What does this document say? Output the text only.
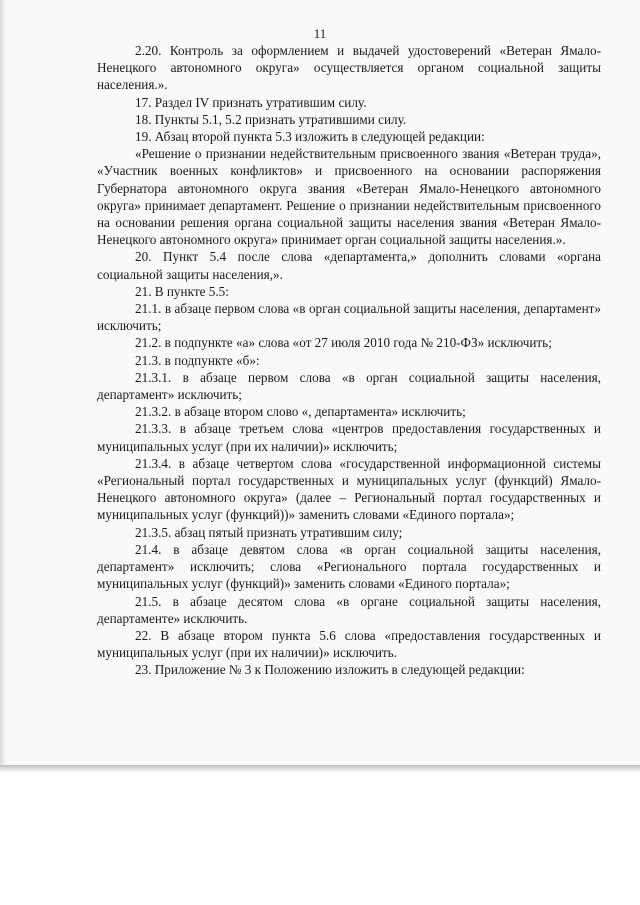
11

2.20. Контроль за оформлением и выдачей удостоверений «Ветеран Ямало-Ненецкого автономного округа» осуществляется органом социальной защиты населения.».

17. Раздел IV признать утратившим силу.

18. Пункты 5.1, 5.2 признать утратившими силу.

19. Абзац второй пункта 5.3 изложить в следующей редакции:

«Решение о признании недействительным присвоенного звания «Ветеран труда», «Участник военных конфликтов» и присвоенного на основании распоряжения Губернатора автономного округа звания «Ветеран Ямало-Ненецкого автономного округа» принимает департамент. Решение о признании недействительным присвоенного на основании решения органа социальной защиты населения звания «Ветеран Ямало-Ненецкого автономного округа» принимает орган социальной защиты населения.».

20. Пункт 5.4 после слова «департамента,» дополнить словами «органа социальной защиты населения,».

21. В пункте 5.5:

21.1. в абзаце первом слова «в орган социальной защиты населения, департамент» исключить;

21.2. в подпункте «а» слова «от 27 июля 2010 года № 210-ФЗ» исключить;

21.3. в подпункте «б»:

21.3.1. в абзаце первом слова «в орган социальной защиты населения, департамент» исключить;

21.3.2. в абзаце втором слово «, департамента» исключить;

21.3.3. в абзаце третьем слова «центров предоставления государственных и муниципальных услуг (при их наличии)» исключить;

21.3.4. в абзаце четвертом слова «государственной информационной системы «Региональный портал государственных и муниципальных услуг (функций) Ямало-Ненецкого автономного округа» (далее – Региональный портал государственных и муниципальных услуг (функций))» заменить словами «Единого портала»;

21.3.5. абзац пятый признать утратившим силу;

21.4. в абзаце девятом слова «в орган социальной защиты населения, департамент» исключить; слова «Регионального портала государственных и муниципальных услуг (функций)» заменить словами «Единого портала»;

21.5. в абзаце десятом слова «в органе социальной защиты населения, департаменте» исключить.

22. В абзаце втором пункта 5.6 слова «предоставления государственных и муниципальных услуг (при их наличии)» исключить.

23. Приложение № 3 к Положению изложить в следующей редакции:
